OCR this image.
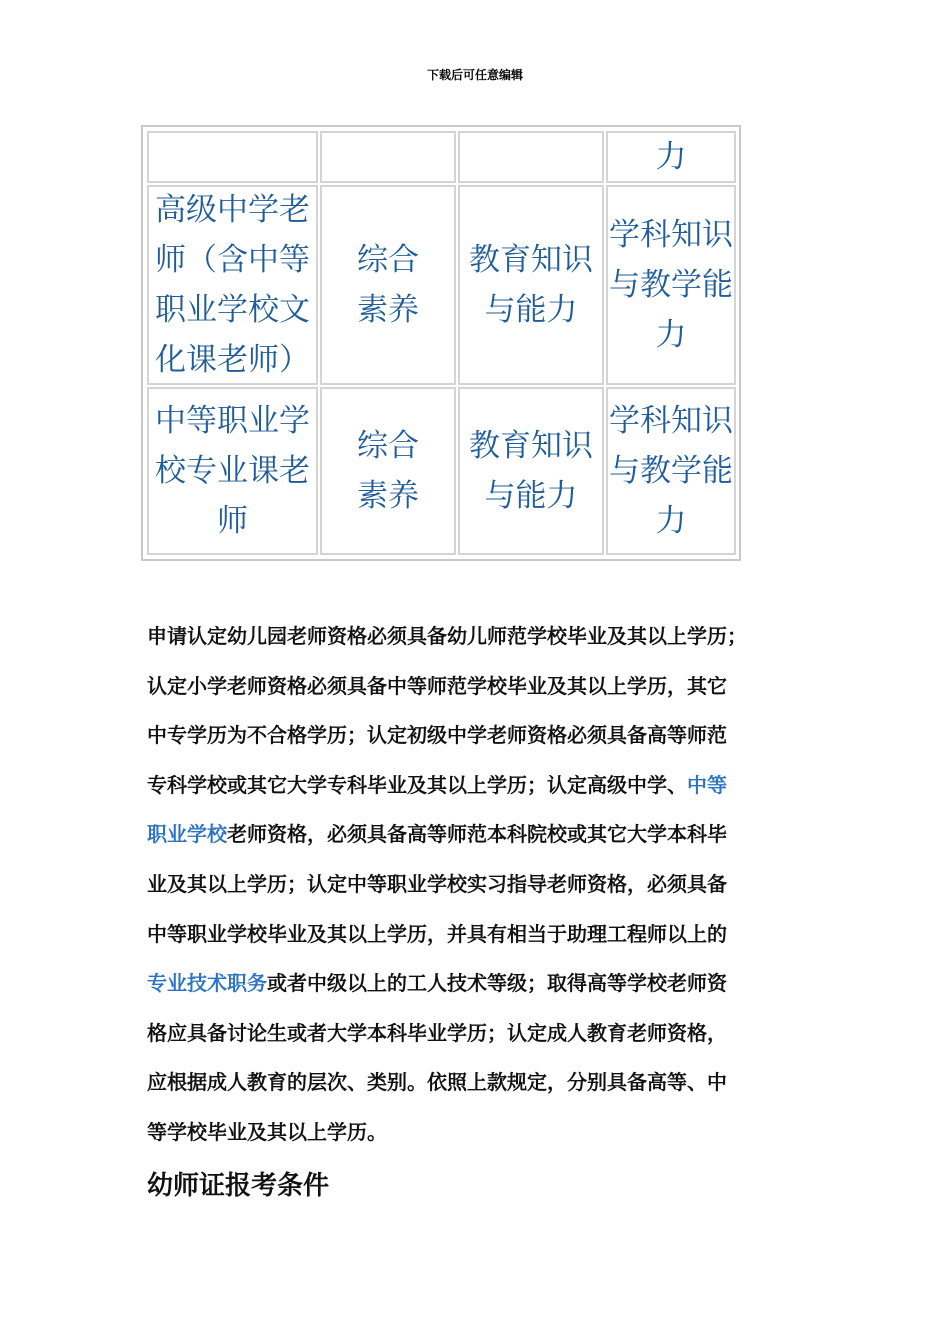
下载后可任意编辑
力
高级中学老
师（含中等
职业学校文
化课老师）
综合
素养
教育知识
与能力
学科知识
与教学能
力
中等职业学
校专业课老
师
综合
素养
教育知识
与能力
学科知识
与教学能
力
申请认定幼儿园老师资格必须具备幼儿师范学校毕业及其以上学历；
认定小学老师资格必须具备中等师范学校毕业及其以上学历，其它
中专学历为不合格学历；认定初级中学老师资格必须具备高等师范
专科学校或其它大学专科毕业及其以上学历；认定高级中学、中等
职业学校老师资格，必须具备高等师范本科院校或其它大学本科毕
业及其以上学历；认定中等职业学校实习指导老师资格，必须具备
中等职业学校毕业及其以上学历，并具有相当于助理工程师以上的
专业技术职务或者中级以上的工人技术等级；取得高等学校老师资
格应具备讨论生或者大学本科毕业学历；认定成人教育老师资格，
应根据成人教育的层次、类别。依照上款规定，分别具备高等、中
等学校毕业及其以上学历。
幼师证报考条件
